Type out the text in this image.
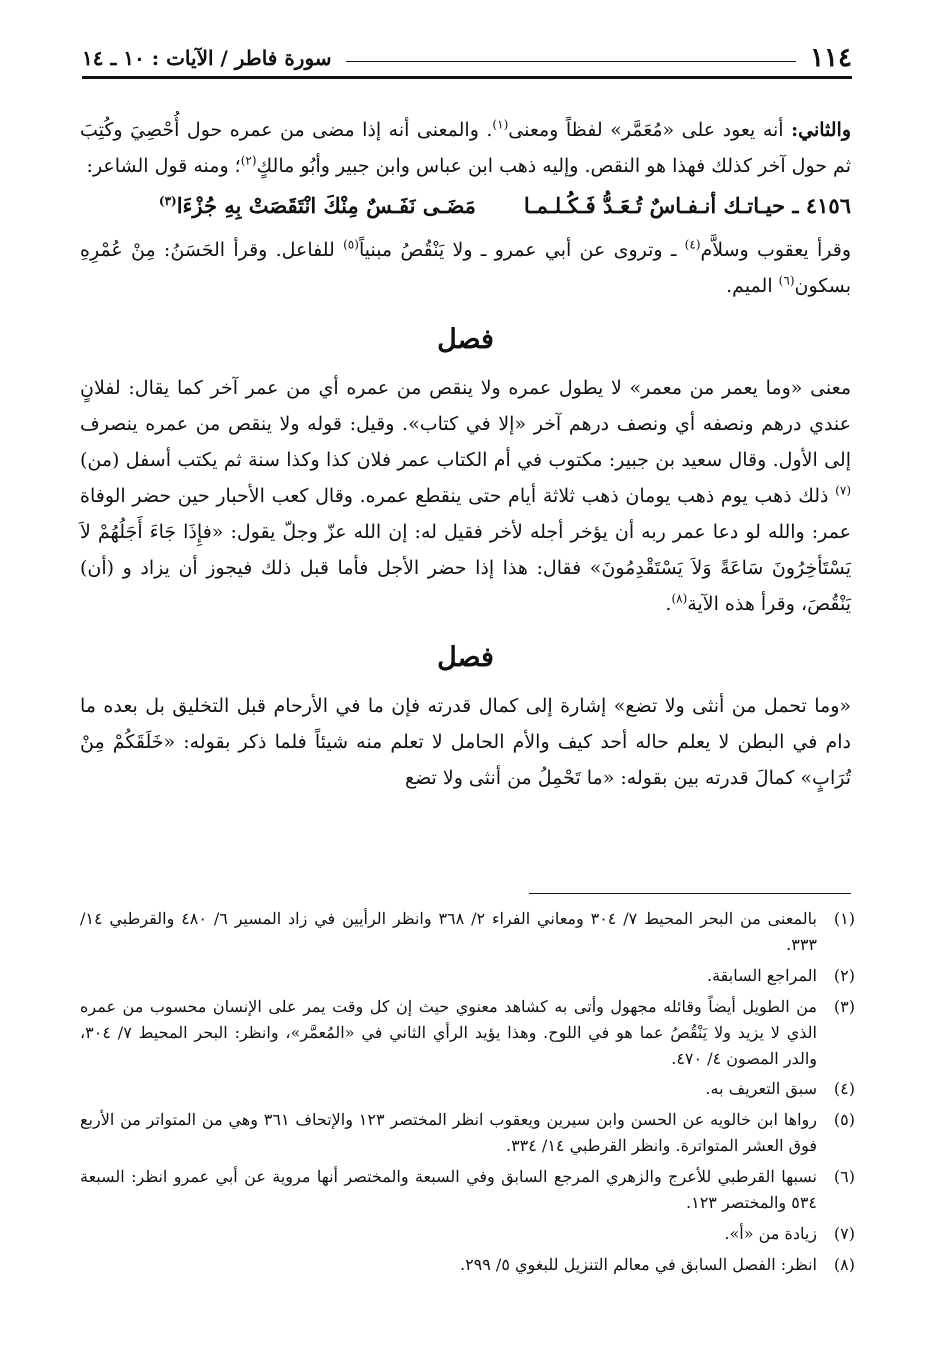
١١٤
سورة فاطر / الآيات : ١٠ ـ ١٤

والثاني: أنه يعود على «مُعَمَّر» لفظاً ومعنى$^{(١)}$. والمعنى أنه إذا مضى من عمره حول أُحْصِيَ وكُتِبَ ثم حول آخر كذلك فهذا هو النقص. وإليه ذهب ابن عباس وابن جبير وأبُو مالكٍ$^{(٢)}$؛ ومنه قول الشاعر:

٤١٥٦ ـ حيـاتـك أنـفـاسٌ تُـعَـدُّ فَـكُـلـمـا
مَضَـى نَفَـسٌ مِنْكَ انْتَقَصَتْ بِهِ جُزْءَا$^{(٣)}$

وقرأ يعقوب وسلاَّم$^{(٤)}$ ـ وتروى عن أبي عمرو ـ ولا يَنْقُصُ مبنياً$^{(٥)}$ للفاعل. وقرأ الحَسَنُ: مِنْ عُمْرِهِ بسكون$^{(٦)}$ الميم.

فصل

معنى «وما يعمر من معمر» لا يطول عمره ولا ينقص من عمره أي من عمر آخر كما يقال: لفلانٍ عندي درهم ونصفه أي ونصف درهم آخر «إلا في كتاب». وقيل: قوله ولا ينقص من عمره ينصرف إلى الأول. وقال سعيد بن جبير: مكتوب في أم الكتاب عمر فلان كذا وكذا سنة ثم يكتب أسفل (من)$^{(٧)}$ ذلك ذهب يوم ذهب يومان ذهب ثلاثة أيام حتى ينقطع عمره. وقال كعب الأحبار حين حضر الوفاة عمر: والله لو دعا عمر ربه أن يؤخر أجله لأخر فقيل له: إن الله عزّ وجلّ يقول: «فإِذَا جَاءَ أَجَلُهُمْ لاَ يَسْتَأخِرُونَ سَاعَةً وَلاَ يَسْتَقْدِمُونَ» فقال: هذا إذا حضر الأجل فأما قبل ذلك فيجوز أن يزاد و (أن) يَنْقُصَ، وقرأ هذه الآية$^{(٨)}$.

فصل

«وما تحمل من أنثى ولا تضع» إشارة إلى كمال قدرته فإن ما في الأرحام قبل التخليق بل بعده ما دام في البطن لا يعلم حاله أحد كيف والأم الحامل لا تعلم منه شيئاً فلما ذكر بقوله: «خَلَقَكُمْ مِنْ تُرَابٍ» كمالَ قدرته بين بقوله: «ما تَحْمِلُ من أنثى ولا تضع

(١)
بالمعنى من البحر المحيط ٧/ ٣٠٤ ومعاني الفراء ٢/ ٣٦٨ وانظر الرأيين في زاد المسير ٦/ ٤٨٠ والقرطبي ١٤/ ٣٣٣.
(٢)
المراجع السابقة.
(٣)
من الطويل أيضاً وقائله مجهول وأتى به كشاهد معنوي حيث إن كل وقت يمر على الإنسان محسوب من عمره الذي لا يزيد ولا يَنْقُصُ عما هو في اللوح. وهذا يؤيد الرأي الثاني في «المُعمَّر»، وانظر: البحر المحيط ٧/ ٣٠٤، والدر المصون ٤/ ٤٧٠.
(٤)
سبق التعريف به.
(٥)
رواها ابن خالويه عن الحسن وابن سيرين ويعقوب انظر المختصر ١٢٣ والإتحاف ٣٦١ وهي من المتواتر من الأربع فوق العشر المتواترة. وانظر القرطبي ١٤/ ٣٣٤.
(٦)
نسبها القرطبي للأعرج والزهري المرجع السابق وفي السبعة والمختصر أنها مروية عن أبي عمرو انظر: السبعة ٥٣٤ والمختصر ١٢٣.
(٧)
زيادة من «أ».
(٨)
انظر: الفصل السابق في معالم التنزيل للبغوي ٥/ ٢٩٩.
